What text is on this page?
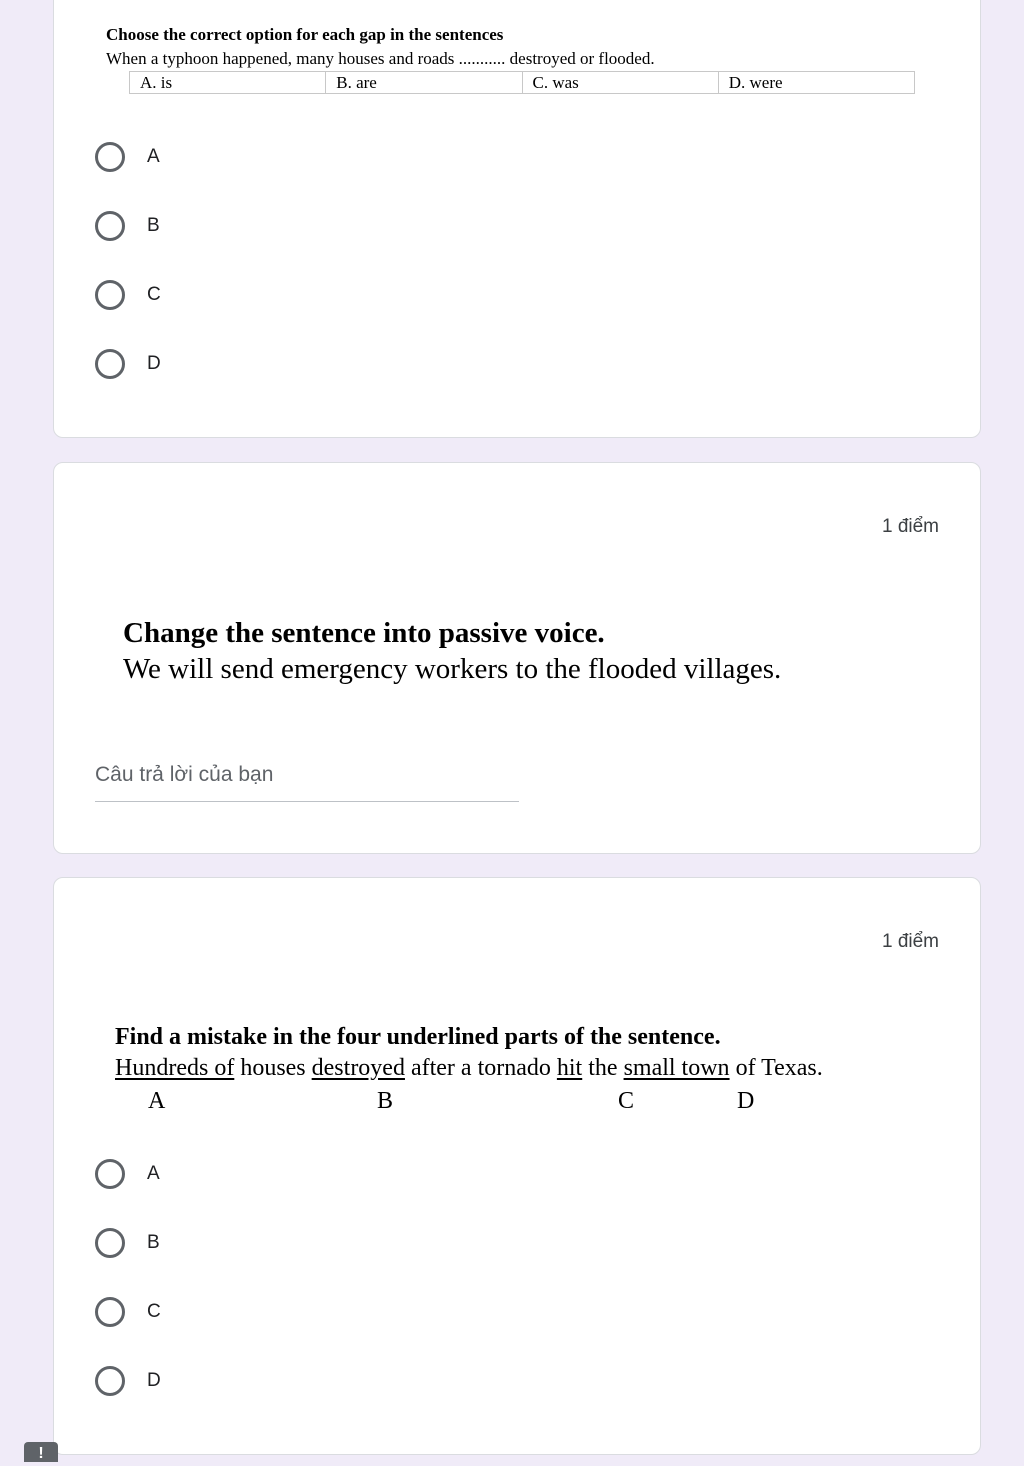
Choose the correct option for each gap in the sentences
When a typhoon happened, many houses and roads ........... destroyed or flooded.
A. is	B. are	C. was	D. were
A
B
C
D
1 điểm
Change the sentence into passive voice.
We will send emergency workers to the flooded villages.
Câu trả lời của bạn
1 điểm
Find a mistake in the four underlined parts of the sentence.
Hundreds of houses destroyed after a tornado hit the small town of Texas.
A	B	C	D
A
B
C
D
!
